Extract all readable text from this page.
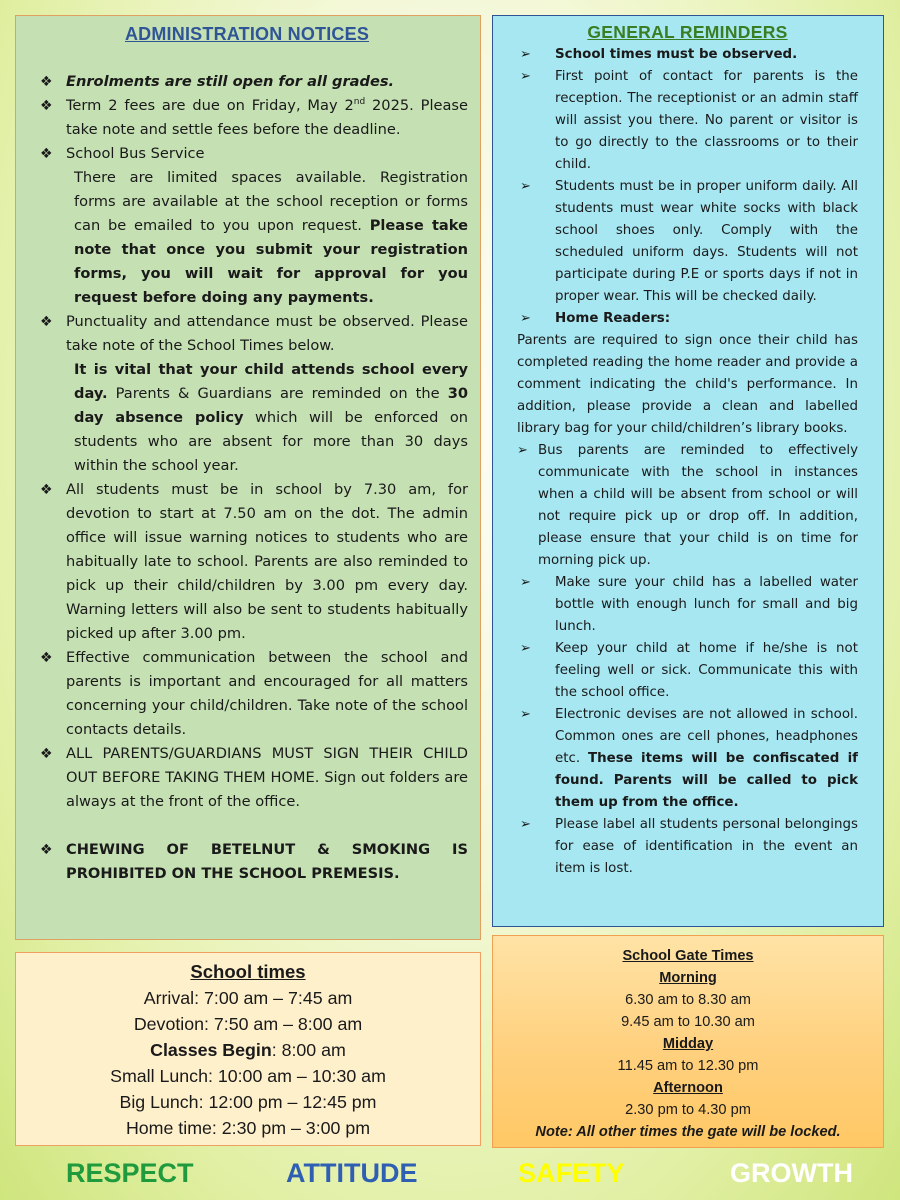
ADMINISTRATION NOTICES
❖ Enrolments are still open for all grades.
❖ Term 2 fees are due on Friday, May 2nd 2025. Please take note and settle fees before the deadline.
❖ School Bus Service
There are limited spaces available. Registration forms are available at the school reception or forms can be emailed to you upon request. Please take note that once you submit your registration forms, you will wait for approval for you request before doing any payments.
❖ Punctuality and attendance must be observed. Please take note of the School Times below.
It is vital that your child attends school every day. Parents & Guardians are reminded on the 30 day absence policy which will be enforced on students who are absent for more than 30 days within the school year.
❖ All students must be in school by 7.30 am, for devotion to start at 7.50 am on the dot. The admin office will issue warning notices to students who are habitually late to school. Parents are also reminded to pick up their child/children by 3.00 pm every day. Warning letters will also be sent to students habitually picked up after 3.00 pm.
❖ Effective communication between the school and parents is important and encouraged for all matters concerning your child/children. Take note of the school contacts details.
❖ ALL PARENTS/GUARDIANS MUST SIGN THEIR CHILD OUT BEFORE TAKING THEM HOME. Sign out folders are always at the front of the office.
❖ CHEWING OF BETELNUT & SMOKING IS PROHIBITED ON THE SCHOOL PREMESIS.
GENERAL REMINDERS
➢	School times must be observed.
➢	First point of contact for parents is the reception. The receptionist or an admin staff will assist you there. No parent or visitor is to go directly to the classrooms or to their child.
➢	Students must be in proper uniform daily. All students must wear white socks with black school shoes only. Comply with the scheduled uniform days. Students will not participate during P.E or sports days if not in proper wear. This will be checked daily.
➢	Home Readers:
Parents are required to sign once their child has completed reading the home reader and provide a comment indicating the child's performance. In addition, please provide a clean and labelled library bag for your child/children’s library books.
➢ Bus parents are reminded to effectively communicate with the school in instances when a child will be absent from school or will not require pick up or drop off. In addition, please ensure that your child is on time for morning pick up.
➢	Make sure your child has a labelled water bottle with enough lunch for small and big lunch.
➢	Keep your child at home if he/she is not feeling well or sick. Communicate this with the school office.
➢	Electronic devises are not allowed in school. Common ones are cell phones, headphones etc. These items will be confiscated if found. Parents will be called to pick them up from the office.
➢	Please label all students personal belongings for ease of identification in the event an item is lost.
School times
Arrival: 7:00 am – 7:45 am
Devotion: 7:50 am – 8:00 am
Classes Begin: 8:00 am
Small Lunch: 10:00 am – 10:30 am
Big Lunch: 12:00 pm – 12:45 pm
Home time: 2:30 pm – 3:00 pm
School Gate Times
Morning
6.30 am to 8.30 am
9.45 am to 10.30 am
Midday
11.45 am to 12.30 pm
Afternoon
2.30 pm to 4.30 pm
Note: All other times the gate will be locked.
RESPECT	ATTITUDE	SAFETY	GROWTH
